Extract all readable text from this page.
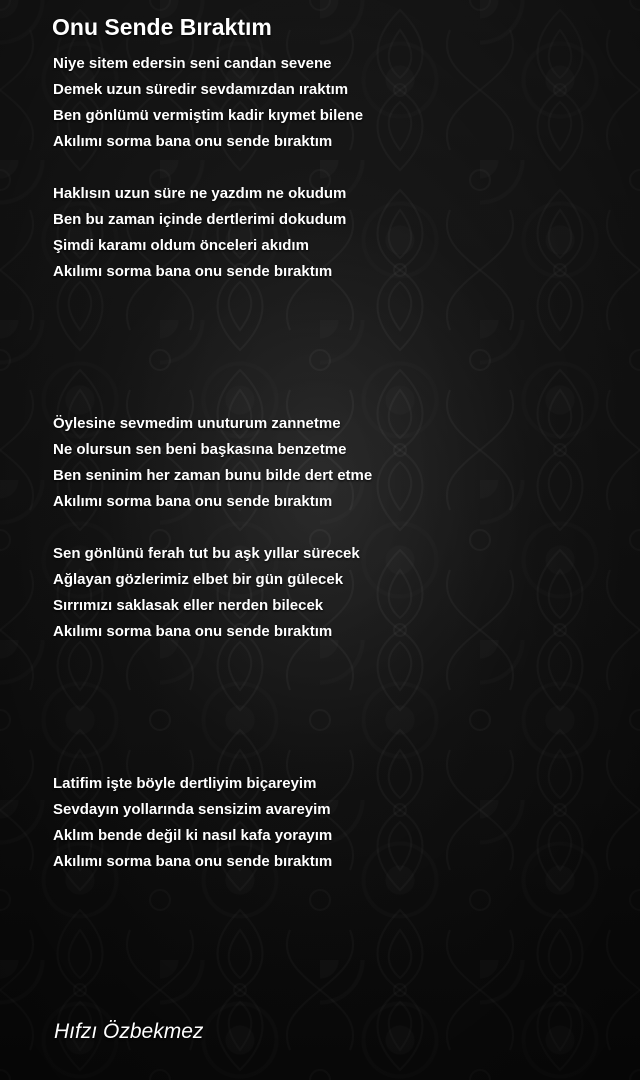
Onu Sende Bıraktım
Niye sitem edersin seni candan sevene
Demek uzun süredir sevdamızdan ıraktım
Ben gönlümü vermiştim kadir kıymet bilene
Akılımı sorma bana onu sende bıraktım
Haklısın uzun süre ne yazdım ne okudum
Ben bu zaman içinde dertlerimi dokudum
Şimdi karamı oldum önceleri akıdım
Akılımı sorma bana onu sende bıraktım
Öylesine sevmedim unuturum zannetme
Ne olursun sen beni başkasına benzetme
Ben seninim her zaman bunu bilde dert etme
Akılımı sorma bana onu sende bıraktım
Sen gönlünü ferah tut bu aşk yıllar sürecek
Ağlayan gözlerimiz elbet bir gün gülecek
Sırrımızı saklasak eller nerden bilecek
Akılımı sorma bana onu sende bıraktım
Latifim işte böyle dertliyim biçareyim
Sevdayın yollarında sensizim avareyim
Aklım bende değil ki nasıl kafa yorayım
Akılımı sorma bana onu sende bıraktım
Hıfzı Özbekmez
